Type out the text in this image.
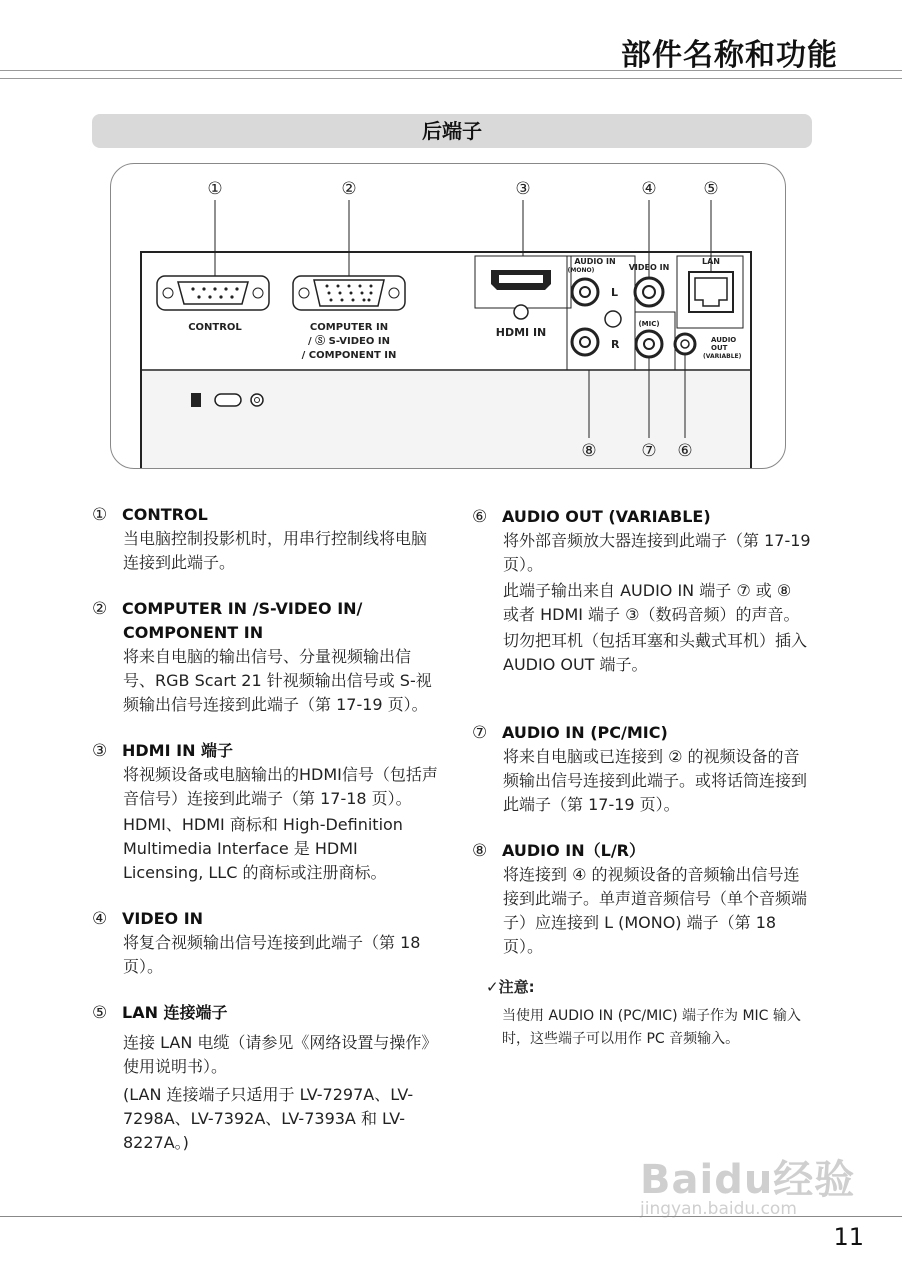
部件名称和功能
后端子
①	②	③	④	⑤
CONTROL	COMPUTER IN
/ Ⓢ S-VIDEO IN
/ COMPONENT IN
HDMI IN
AUDIO IN
(MONO)
L
R
VIDEO IN
(MIC)
LAN
AUDIO
OUT
(VARIABLE)
⑧	⑦ ⑥
① CONTROL

当电脑控制投影机时，用串行控制线将电脑连接到此端子。

② COMPUTER IN /S-VIDEO IN/
COMPONENT IN

将来自电脑的输出信号、分量视频输出信号、RGB Scart 21 针视频输出信号或 S-视频输出信号连接到此端子（第 17-19 页）。

③ HDMI IN 端子

将视频设备或电脑输出的HDMI信号（包括声音信号）连接到此端子（第 17-18 页）。

HDMI、HDMI 商标和 High-Definition Multimedia Interface 是 HDMI Licensing, LLC 的商标或注册商标。

④ VIDEO IN

将复合视频输出信号连接到此端子（第 18 页）。

⑤ LAN 连接端子

连接 LAN 电缆（请参见《网络设置与操作》使用说明书）。

(LAN 连接端子只适用于 LV-7297A、LV-7298A、LV-7392A、LV-7393A 和 LV-8227A。)

⑥ AUDIO OUT (VARIABLE)

将外部音频放大器连接到此端子（第 17-19 页）。

此端子输出来自 AUDIO IN 端子 ⑦ 或 ⑧ 或者 HDMI 端子 ③（数码音频）的声音。

切勿把耳机（包括耳塞和头戴式耳机）插入 AUDIO OUT 端子。

⑦ AUDIO IN (PC/MIC)

将来自电脑或已连接到 ② 的视频设备的音频输出信号连接到此端子。或将话筒连接到此端子（第 17-19 页）。

⑧ AUDIO IN（L/R）

将连接到 ④ 的视频设备的音频输出信号连接到此端子。单声道音频信号（单个音频端子）应连接到 L (MONO) 端子（第 18 页）。

✓注意:
当使用 AUDIO IN (PC/MIC) 端子作为 MIC 输入时，这些端子可以用作 PC 音频输入。
Baidu经验
jingyan.baidu.com
11
